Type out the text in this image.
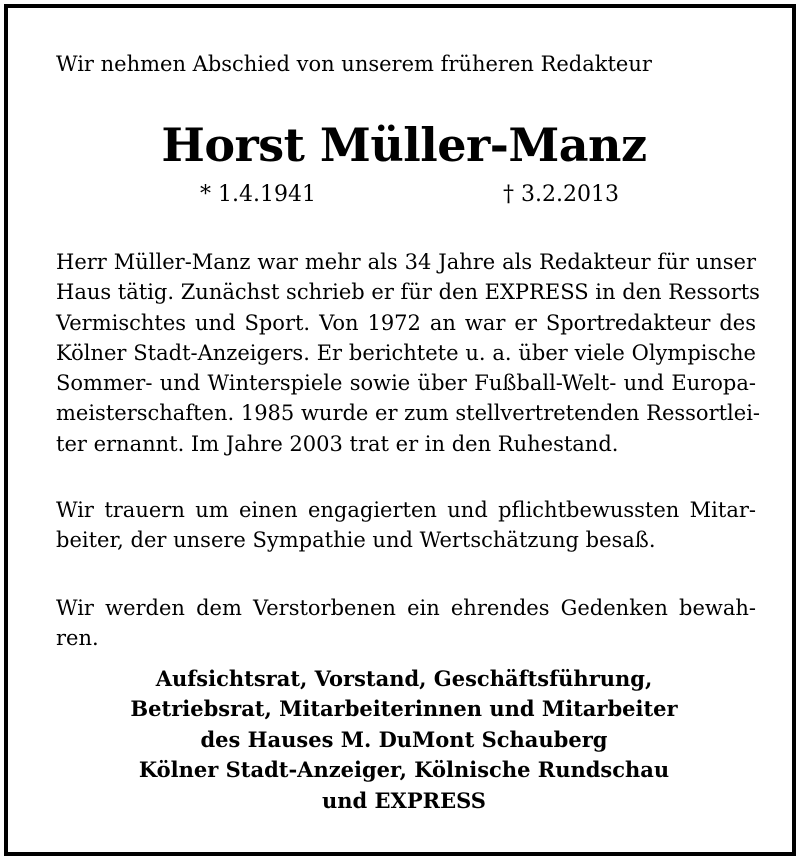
Wir nehmen Abschied von unserem früheren Redakteur
Horst Müller-Manz
* 1.4.1941	† 3.2.2013
Herr Müller-Manz war mehr als 34 Jahre als Redakteur für unser
Haus tätig. Zunächst schrieb er für den EXPRESS in den Ressorts
Vermischtes und Sport. Von 1972 an war er Sportredakteur des
Kölner Stadt-Anzeigers. Er berichtete u. a. über viele Olympische
Sommer- und Winterspiele sowie über Fußball-Welt- und Europa-
meisterschaften. 1985 wurde er zum stellvertretenden Ressortlei-
ter ernannt. Im Jahre 2003 trat er in den Ruhestand.
Wir trauern um einen engagierten und pflichtbewussten Mitar-
beiter, der unsere Sympathie und Wertschätzung besaß.
Wir werden dem Verstorbenen ein ehrendes Gedenken bewah-
ren.
Aufsichtsrat, Vorstand, Geschäftsführung,
Betriebsrat, Mitarbeiterinnen und Mitarbeiter
des Hauses M. DuMont Schauberg
Kölner Stadt-Anzeiger, Kölnische Rundschau
und EXPRESS
